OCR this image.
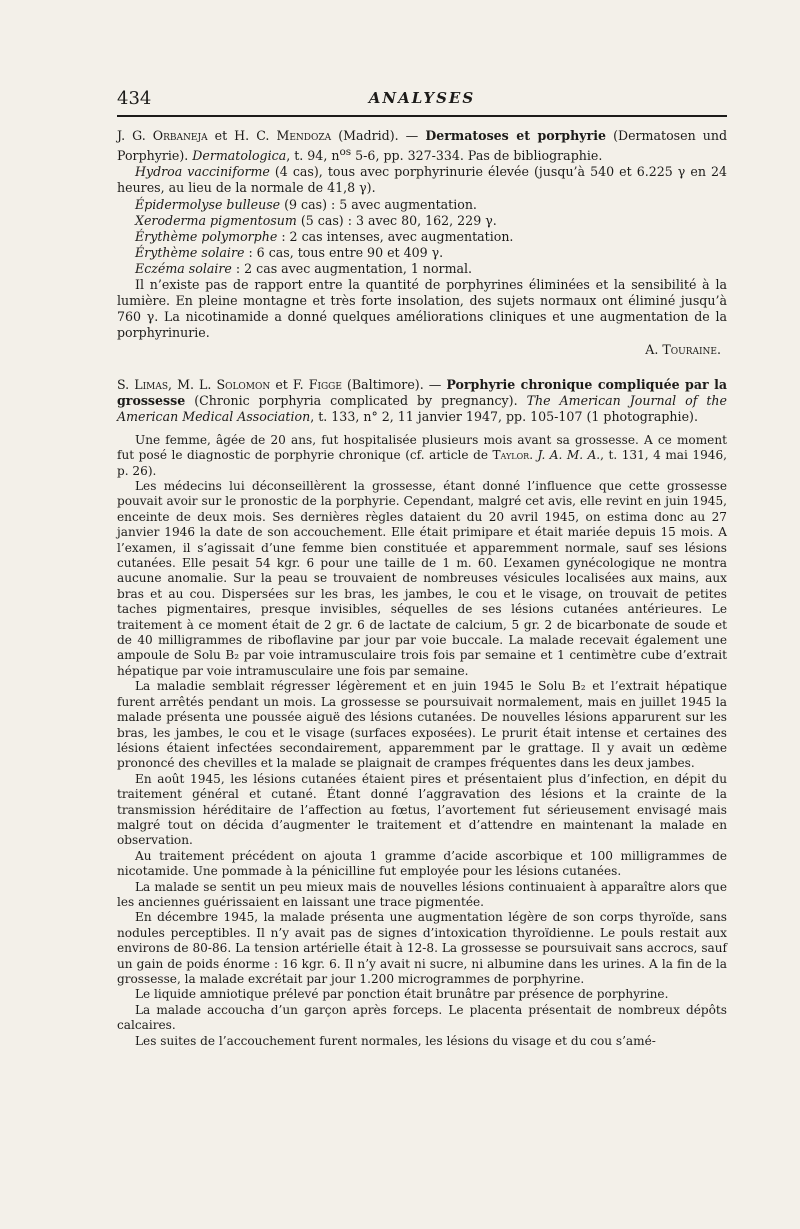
434	ANALYSES

J. G. Orbaneja et H. C. Mendoza (Madrid). — Dermatoses et porphyrie (Dermatosen und Porphyrie). Dermatologica, t. 94, $n^{os}$ 5-6, pp. 327-334. Pas de bibliographie.

Hydroa vacciniforme (4 cas), tous avec porphyrinurie élevée (jusqu’à 540 et 6.225 γ en 24 heures, au lieu de la normale de 41,8 γ).

Épidermolyse bulleuse (9 cas) : 5 avec augmentation.

Xeroderma pigmentosum (5 cas) : 3 avec 80, 162, 229 γ.

Érythème polymorphe : 2 cas intenses, avec augmentation.

Érythème solaire : 6 cas, tous entre 90 et 409 γ.

Eczéma solaire : 2 cas avec augmentation, 1 normal.

Il n’existe pas de rapport entre la quantité de porphyrines éliminées et la sensibilité à la lumière. En pleine montagne et très forte insolation, des sujets normaux ont éliminé jusqu’à 760 γ. La nicotinamide a donné quelques améliorations cliniques et une augmentation de la porphyrinurie.

A. Touraine.

S. Limas, M. L. Solomon et F. Figge (Baltimore). — Porphyrie chronique compliquée par la grossesse (Chronic porphyria complicated by pregnancy). The American Journal of the American Medical Association, t. 133, n° 2, 11 janvier 1947, pp. 105-107 (1 photographie).

Une femme, âgée de 20 ans, fut hospitalisée plusieurs mois avant sa grossesse. A ce moment fut posé le diagnostic de porphyrie chronique (cf. article de Taylor. J. A. M. A., t. 131, 4 mai 1946, p. 26).

Les médecins lui déconseillèrent la grossesse, étant donné l’influence que cette grossesse pouvait avoir sur le pronostic de la porphyrie. Cependant, malgré cet avis, elle revint en juin 1945, enceinte de deux mois. Ses dernières règles dataient du 20 avril 1945, on estima donc au 27 janvier 1946 la date de son accouchement. Elle était primipare et était mariée depuis 15 mois. A l’examen, il s’agissait d’une femme bien constituée et apparemment normale, sauf ses lésions cutanées. Elle pesait 54 kgr. 6 pour une taille de 1 m. 60. L’examen gynécologique ne montra aucune anomalie. Sur la peau se trouvaient de nombreuses vésicules localisées aux mains, aux bras et au cou. Dispersées sur les bras, les jambes, le cou et le visage, on trouvait de petites taches pigmentaires, presque invisibles, séquelles de ses lésions cutanées antérieures. Le traitement à ce moment était de 2 gr. 6 de lactate de calcium, 5 gr. 2 de bicarbonate de soude et de 40 milligrammes de riboflavine par jour par voie buccale. La malade recevait également une ampoule de Solu B₂ par voie intramusculaire trois fois par semaine et 1 centimètre cube d’extrait hépatique par voie intramusculaire une fois par semaine.

La maladie semblait régresser légèrement et en juin 1945 le Solu B₂ et l’extrait hépatique furent arrêtés pendant un mois. La grossesse se poursuivait normalement, mais en juillet 1945 la malade présenta une poussée aiguë des lésions cutanées. De nouvelles lésions apparurent sur les bras, les jambes, le cou et le visage (surfaces exposées). Le prurit était intense et certaines des lésions étaient infectées secondairement, apparemment par le grattage. Il y avait un œdème prononcé des chevilles et la malade se plaignait de crampes fréquentes dans les deux jambes.

En août 1945, les lésions cutanées étaient pires et présentaient plus d’infection, en dépit du traitement général et cutané. Étant donné l’aggravation des lésions et la crainte de la transmission héréditaire de l’affection au fœtus, l’avortement fut sérieusement envisagé mais malgré tout on décida d’augmenter le traitement et d’attendre en maintenant la malade en observation.

Au traitement précédent on ajouta 1 gramme d’acide ascorbique et 100 milligrammes de nicotamide. Une pommade à la pénicilline fut employée pour les lésions cutanées.

La malade se sentit un peu mieux mais de nouvelles lésions continuaient à apparaître alors que les anciennes guérissaient en laissant une trace pigmentée.

En décembre 1945, la malade présenta une augmentation légère de son corps thyroïde, sans nodules perceptibles. Il n’y avait pas de signes d’intoxication thyroïdienne. Le pouls restait aux environs de 80-86. La tension artérielle était à 12-8. La grossesse se poursuivait sans accrocs, sauf un gain de poids énorme : 16 kgr. 6. Il n’y avait ni sucre, ni albumine dans les urines. A la fin de la grossesse, la malade excrétait par jour 1.200 microgrammes de porphyrine.

Le liquide amniotique prélevé par ponction était brunâtre par présence de porphyrine.

La malade accoucha d’un garçon après forceps. Le placenta présentait de nombreux dépôts calcaires.

Les suites de l’accouchement furent normales, les lésions du visage et du cou s’amé-
